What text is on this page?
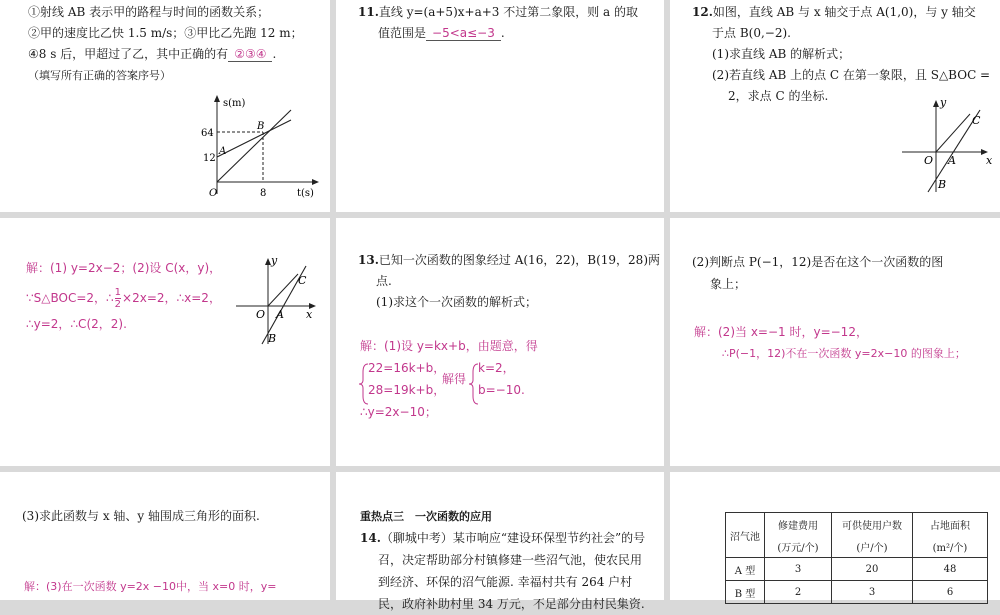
①射线 AB 表示甲的路程与时间的函数关系；
②甲的速度比乙快 1.5 m/s；③甲比乙先跑 12 m；
④8 s 后，甲超过了乙，其中正确的有 ②③④ .
（填写所有正确的答案序号）
s(m)
t(s)
64
12
8
O
A
B
11.直线 y=(a+5)x+a+3 不过第二象限，则 a 的取
值范围是 −5<a≤−3 .
12.如图，直线 AB 与 x 轴交于点 A(1,0)，与 y 轴交
于点 B(0,−2).
(1)求直线 AB 的解析式；
(2)若直线 AB 上的点 C 在第一象限，且 S△BOC =
2，求点 C 的坐标.	y
x
O A
B
C
解：(1) y=2x−2；(2)设 C(x，y)，
∵S△BOC=2，∴ $\frac{1}{2} \times 2x=2$，∴x=2，
∴y=2，∴C(2，2).
y
x
O A
B
C
13.已知一次函数的图象经过 A(16，22)，B(19，28)两
点.
(1)求这个一次函数的解析式；
解：(1)设 y=kx+b，由题意，得
22=16k+b，
28=19k+b，
解得
k=2，
b=−10.
∴y=2x−10；
(2)判断点 P(−1，12)是否在这个一次函数的图
象上；
解：(2)当 x=−1 时，y=−12，
∴P(−1，12)不在一次函数 y=2x−10 的图象上；
(3)求此函数与 x 轴、y 轴围成三角形的面积.
解：(3)在一次函数 y=2x −10中，当 x=0 时，y=
重热点三　一次函数的应用
14.（聊城中考）某市响应“建设环保型节约社会”的号
召，决定帮助部分村镇修建一些沼气池，使农民用
到经济、环保的沼气能源. 幸福村共有 264 户村
民，政府补助村里 34 万元，不足部分由村民集资.
沼气池	修建费用	可供使用户数	占地面积
	(万元/个)	(户/个)	(m²/个)
A 型	3	20	48
B 型	2	3	6
